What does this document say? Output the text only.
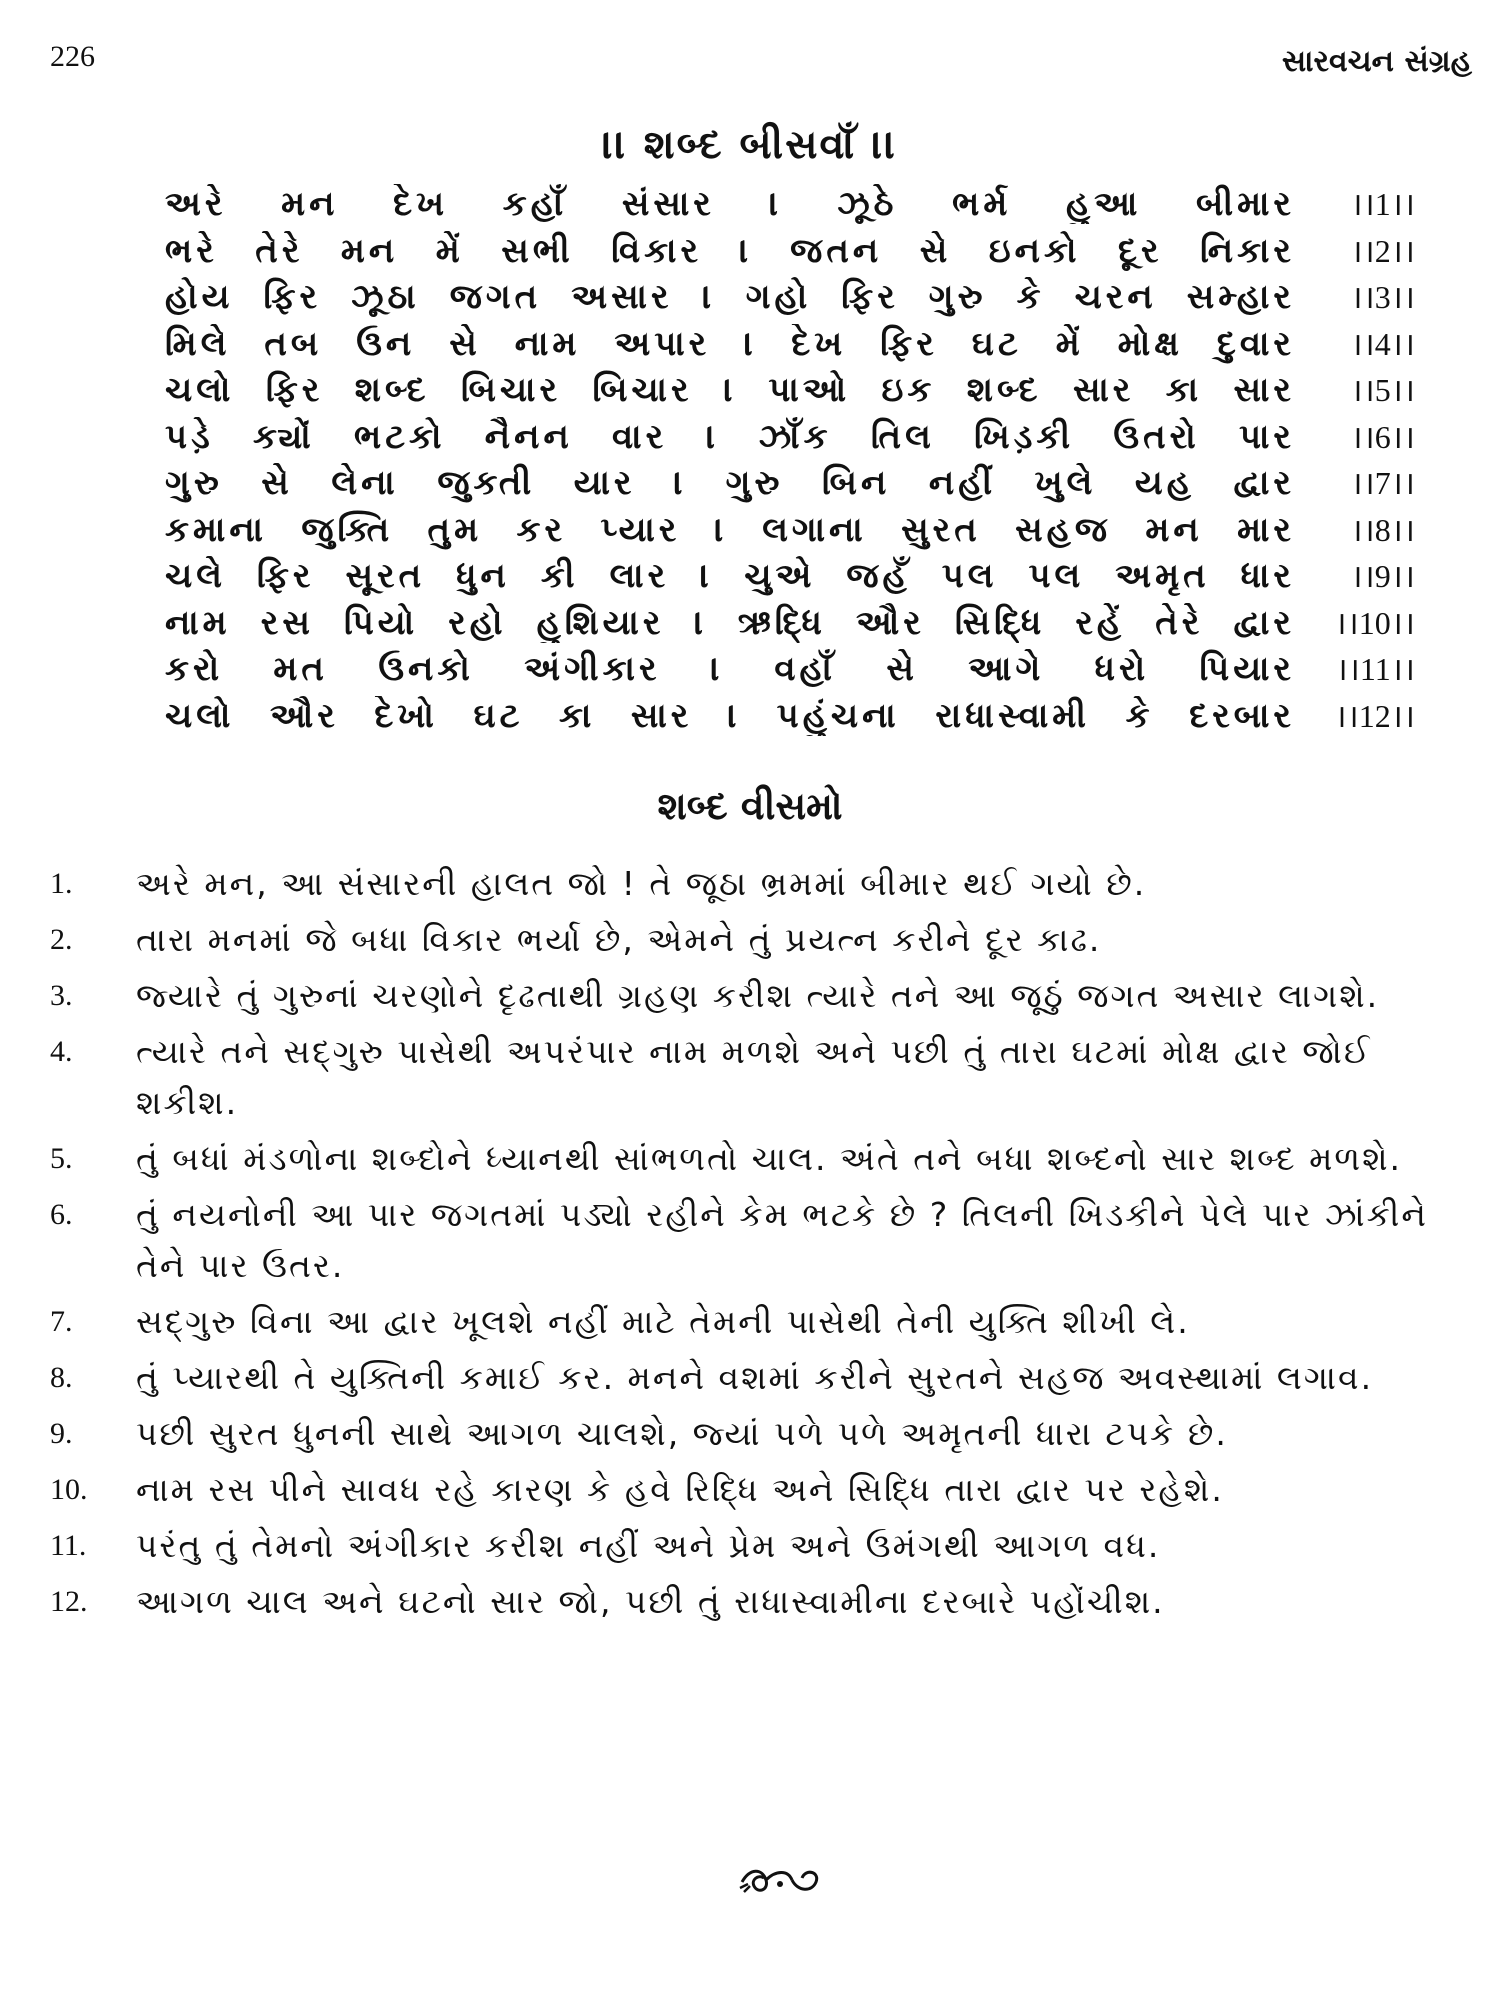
226	સારવચન સંગ્રહ
।। શબ્દ બીસવાઁ ।।
અરે મન દેખ કહાઁ સંસાર । ઝૂઠે ભર્મ હુઆ બીમાર	।।1।।
ભરે તેરે મન મેં સભી વિકાર । જતન સે ઇનકો દૂર નિકાર	।।2।।
હોય ફિર ઝૂઠા જગત અસાર । ગહો ફિર ગુરુ કે ચરન સમ્હાર	।।3।।
મિલે તબ ઉન સે નામ અપાર । દેખ ફિર ઘટ મેં મોક્ષ દુવાર	।।4।।
ચલો ફિર શબ્દ બિચાર બિચાર । પાઓ ઇક શબ્દ સાર કા સાર	।।5।।
પડ઼ે ક્યોં ભટકો નૈનન વાર । ઝાઁક તિલ ખિડ઼કી ઉતરો પાર	।।6।।
ગુરુ સે લેના જુક્તી યાર । ગુરુ બિન નહીં ખુલે યહ દ્વાર	।।7।।
કમાના જુક્તિ તુમ કર પ્યાર । લગાના સુરત સહજ મન માર	।।8।।
ચલે ફિર સૂરત ધુન કી લાર । ચુએ જહઁ પલ પલ અમૃત ધાર	।।9।।
નામ રસ પિયો રહો હુશિયાર । ઋદ્ધિ ઔર સિદ્ધિ રહેં તેરે દ્વાર	।।10।।
કરો મત ઉનકો અંગીકાર । વહાઁ સે આગે ધરો પિયાર	।।11।।
ચલો ઔર દેખો ઘટ કા સાર । પહુંચના રાધાસ્વામી કે દરબાર	।।12।।
શબ્દ વીસમો
1.	અરે મન, આ સંસારની હાલત જો ! તે જૂઠા ભ્રમમાં બીમાર થઈ ગયો છે.
2.	તારા મનમાં જે બધા વિકાર ભર્યા છે, એમને તું પ્રયત્ન કરીને દૂર કાઢ.
3.	જ્યારે તું ગુરુનાં ચરણોને દૃઢતાથી ગ્રહણ કરીશ ત્યારે તને આ જૂઠું જગત અસાર લાગશે.
4.	ત્યારે તને સદ્‌ગુરુ પાસેથી અપરંપાર નામ મળશે અને પછી તું તારા ઘટમાં મોક્ષ દ્વાર જોઈ શકીશ.
5.	તું બધાં મંડળોના શબ્દોને ધ્યાનથી સાંભળતો ચાલ. અંતે તને બધા શબ્દનો સાર શબ્દ મળશે.
6.	તું નયનોની આ પાર જગતમાં પડ્યો રહીને કેમ ભટકે છે ? તિલની ખિડકીને પેલે પાર ઝાંકીને તેને પાર ઉતર.
7.	સદ્‌ગુરુ વિના આ દ્વાર ખૂલશે નહીં માટે તેમની પાસેથી તેની યુક્તિ શીખી લે.
8.	તું પ્યારથી તે યુક્તિની કમાઈ કર. મનને વશમાં કરીને સુરતને સહજ અવસ્થામાં લગાવ.
9.	પછી સુરત ધુનની સાથે આગળ ચાલશે, જ્યાં પળે પળે અમૃતની ધારા ટપકે છે.
10.	નામ રસ પીને સાવધ રહે કારણ કે હવે રિદ્ધિ અને સિદ્ધિ તારા દ્વાર પર રહેશે.
11.	પરંતુ તું તેમનો અંગીકાર કરીશ નહીં અને પ્રેમ અને ઉમંગથી આગળ વધ.
12.	આગળ ચાલ અને ઘટનો સાર જો, પછી તું રાધાસ્વામીના દરબારે પહોંચીશ.
